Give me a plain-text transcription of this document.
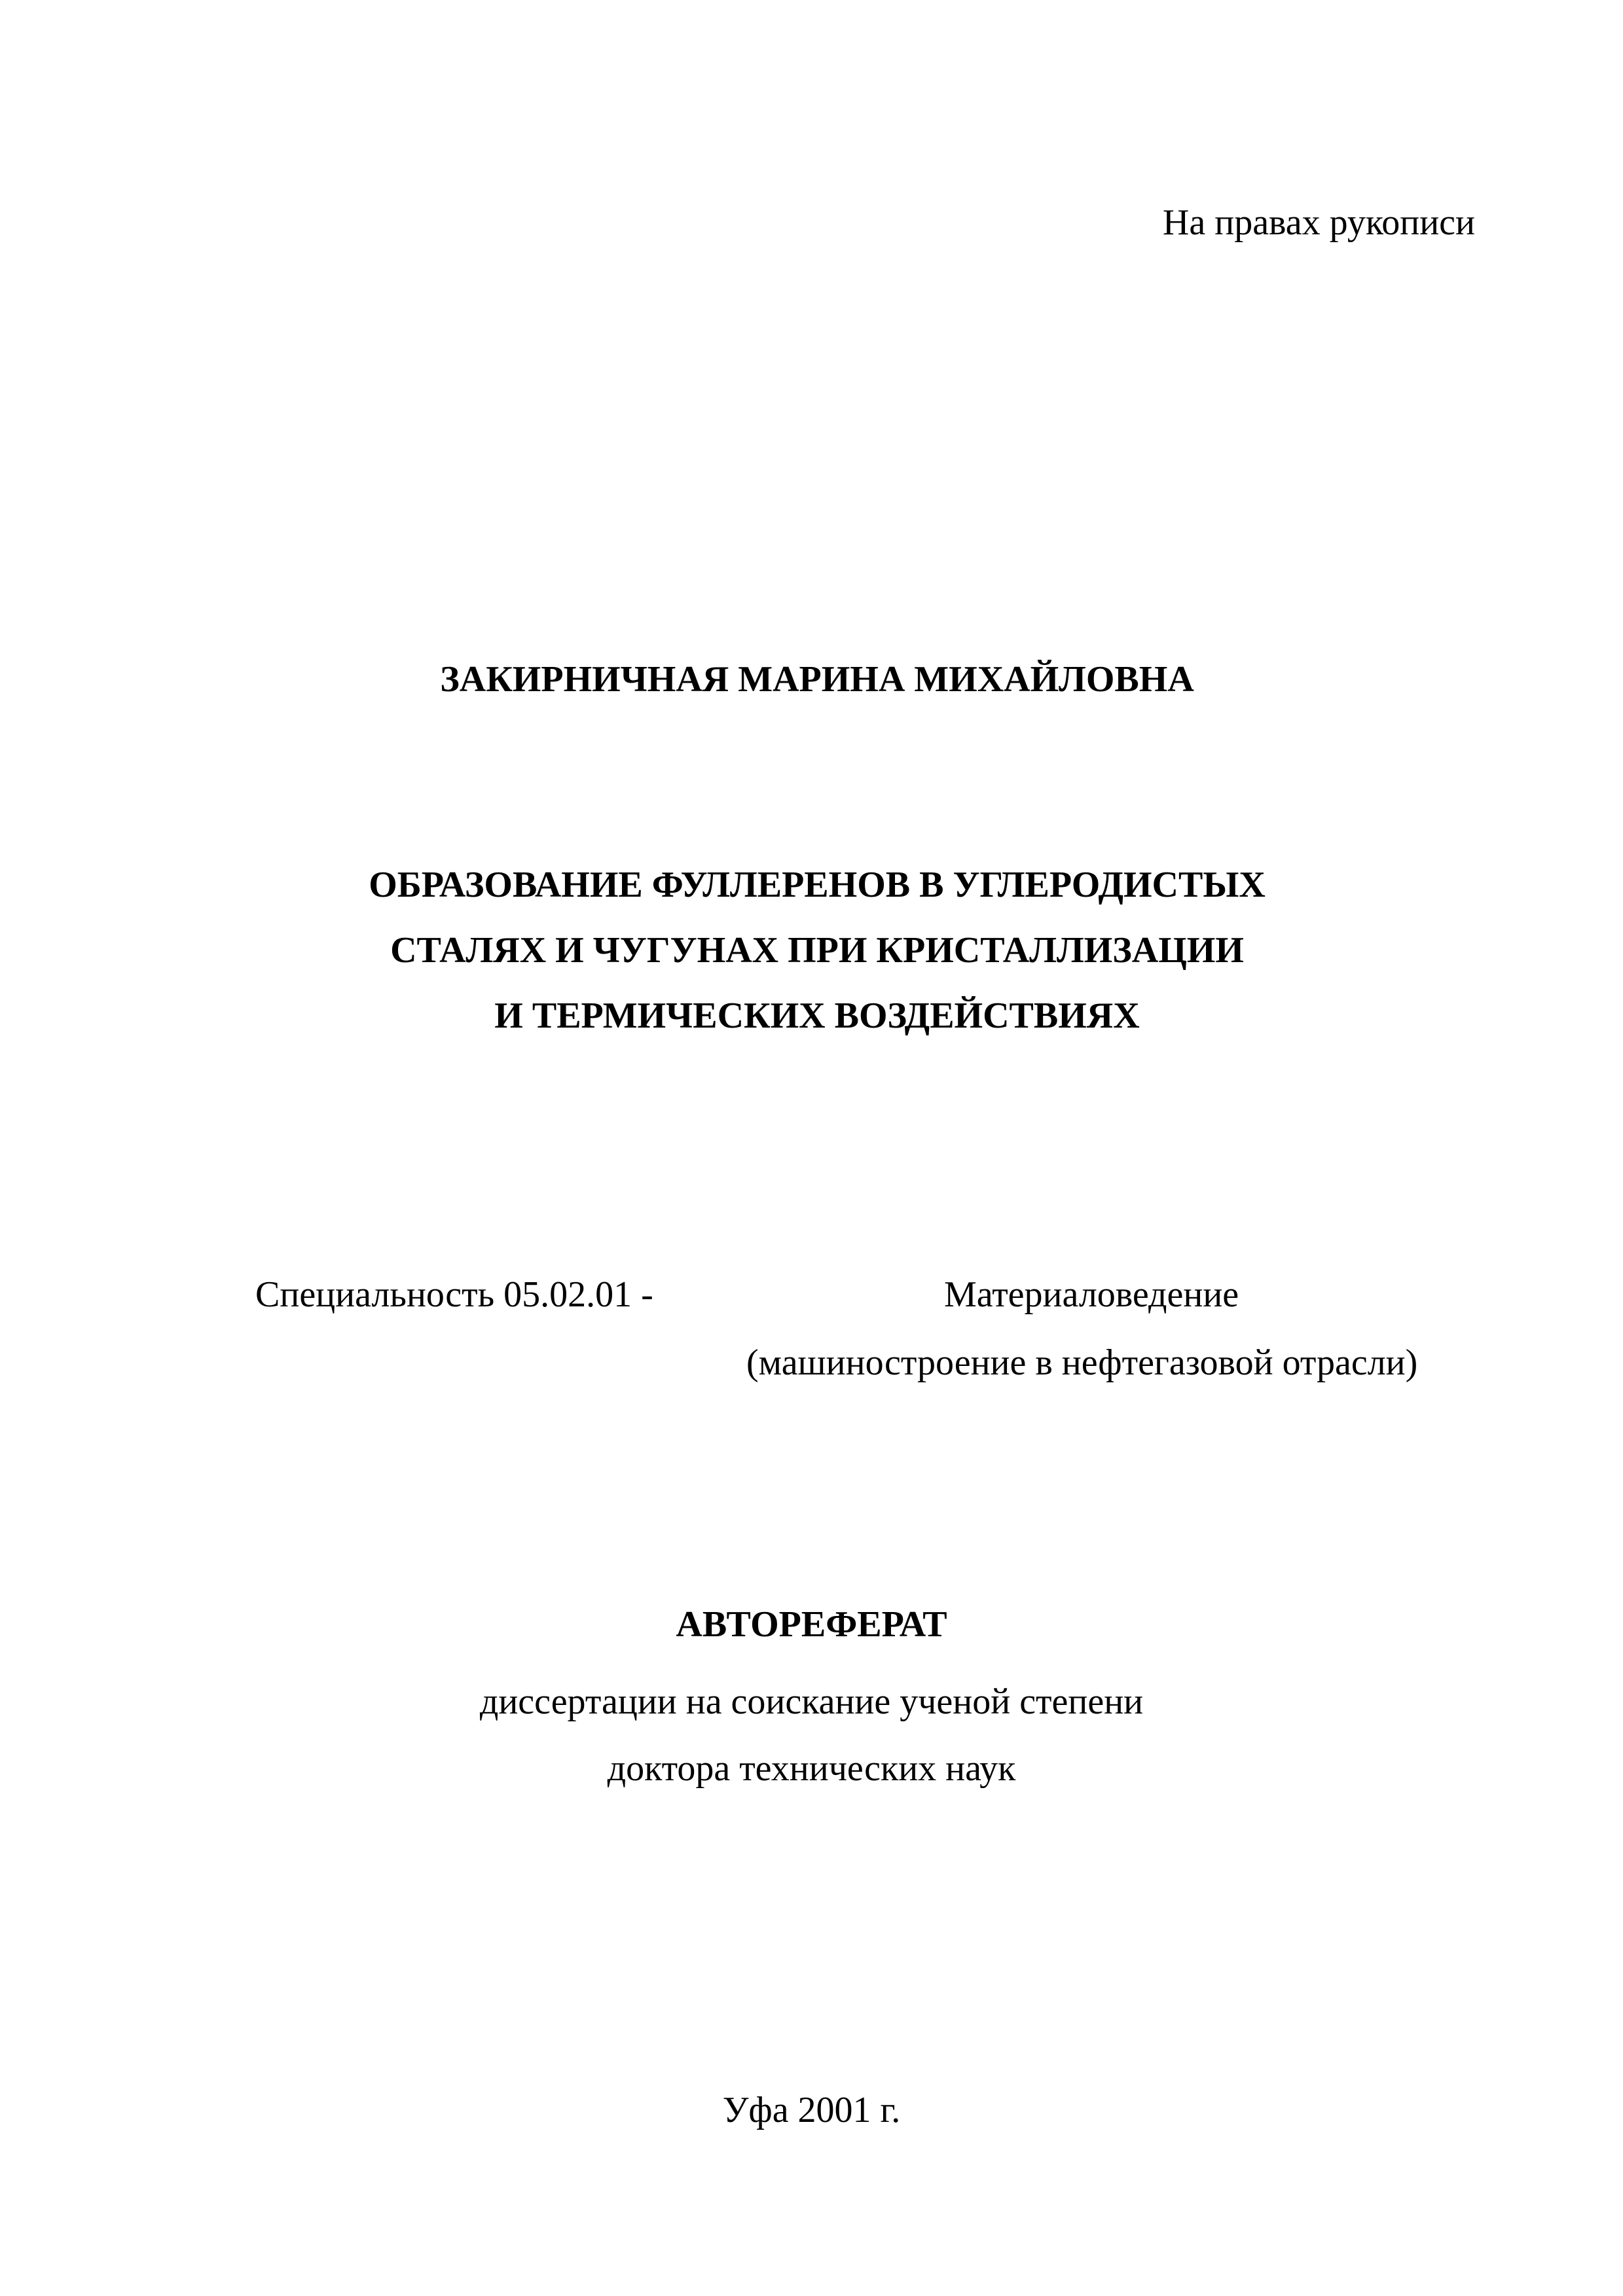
На правах рукописи
ЗАКИРНИЧНАЯ МАРИНА МИХАЙЛОВНА
ОБРАЗОВАНИЕ ФУЛЛЕРЕНОВ В УГЛЕРОДИСТЫХ
СТАЛЯХ И ЧУГУНАХ ПРИ КРИСТАЛЛИЗАЦИИ
И ТЕРМИЧЕСКИХ ВОЗДЕЙСТВИЯХ
Специальность 05.02.01 -	Материаловедение
(машиностроение в нефтегазовой отрасли)
АВТОРЕФЕРАТ
диссертации на соискание ученой степени
доктора технических наук
Уфа 2001 г.
